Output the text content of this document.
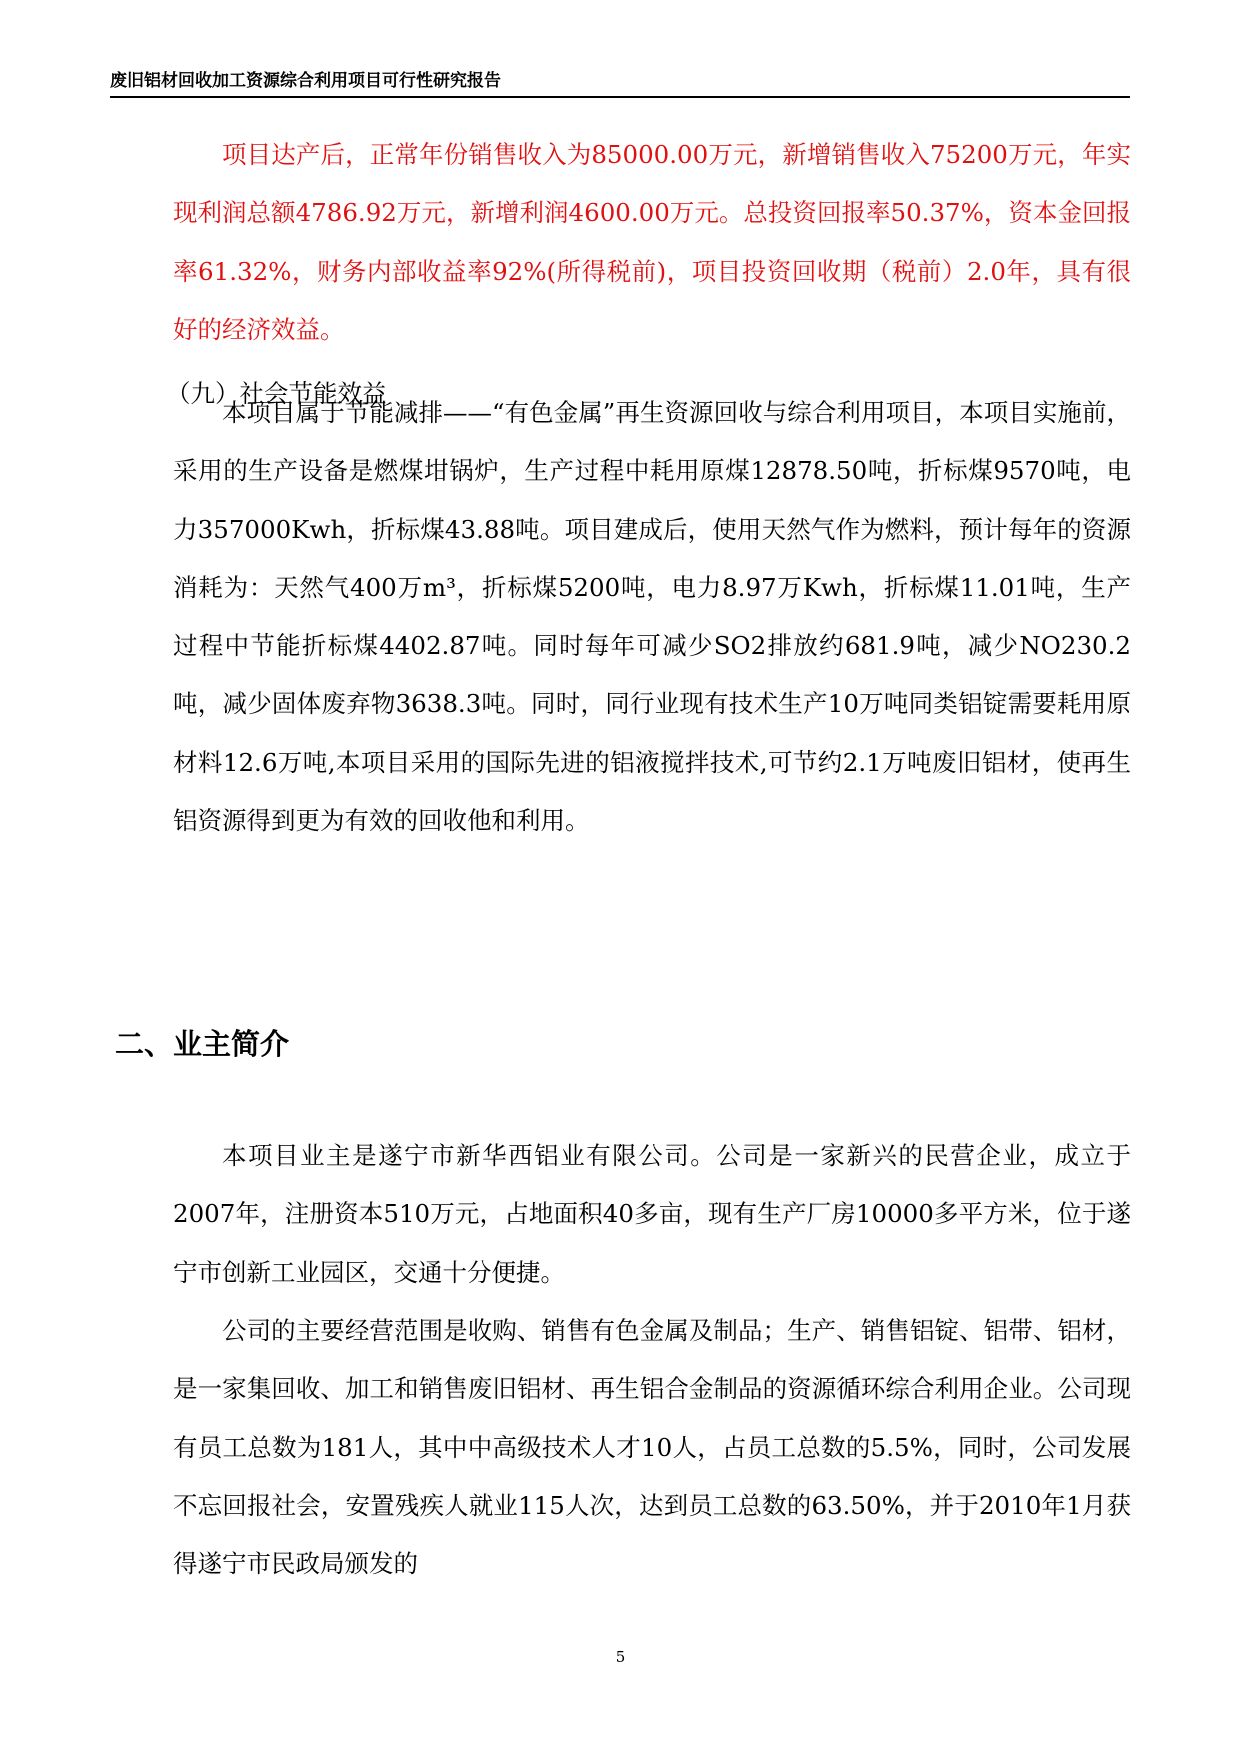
废旧铝材回收加工资源综合利用项目可行性研究报告

项目达产后，正常年份销售收入为85000.00万元，新增销售收入75200万元，年实现利润总额4786.92万元，新增利润4600.00万元。总投资回报率50.37%，资本金回报率61.32%，财务内部收益率92%(所得税前)，项目投资回收期（税前）2.0年，具有很好的经济效益。

（九）社会节能效益

本项目属于节能减排——“有色金属”再生资源回收与综合利用项目，本项目实施前，采用的生产设备是燃煤坩锅炉，生产过程中耗用原煤12878.50吨，折标煤9570吨，电力357000Kwh，折标煤43.88吨。项目建成后，使用天然气作为燃料，预计每年的资源消耗为：天然气400万m³，折标煤5200吨，电力8.97万Kwh，折标煤11.01吨，生产过程中节能折标煤4402.87吨。同时每年可减少SO2排放约681.9吨，减少NO230.2吨，减少固体废弃物3638.3吨。同时，同行业现有技术生产10万吨同类铝锭需要耗用原材料12.6万吨,本项目采用的国际先进的铝液搅拌技术,可节约2.1万吨废旧铝材，使再生铝资源得到更为有效的回收他和利用。

二、业主简介

本项目业主是遂宁市新华西铝业有限公司。公司是一家新兴的民营企业，成立于2007年，注册资本510万元，占地面积40多亩，现有生产厂房10000多平方米，位于遂宁市创新工业园区，交通十分便捷。

公司的主要经营范围是收购、销售有色金属及制品；生产、销售铝锭、铝带、铝材，是一家集回收、加工和销售废旧铝材、再生铝合金制品的资源循环综合利用企业。公司现有员工总数为181人，其中中高级技术人才10人，占员工总数的5.5%，同时，公司发展不忘回报社会，安置残疾人就业115人次，达到员工总数的63.50%，并于2010年1月获得遂宁市民政局颁发的

5
